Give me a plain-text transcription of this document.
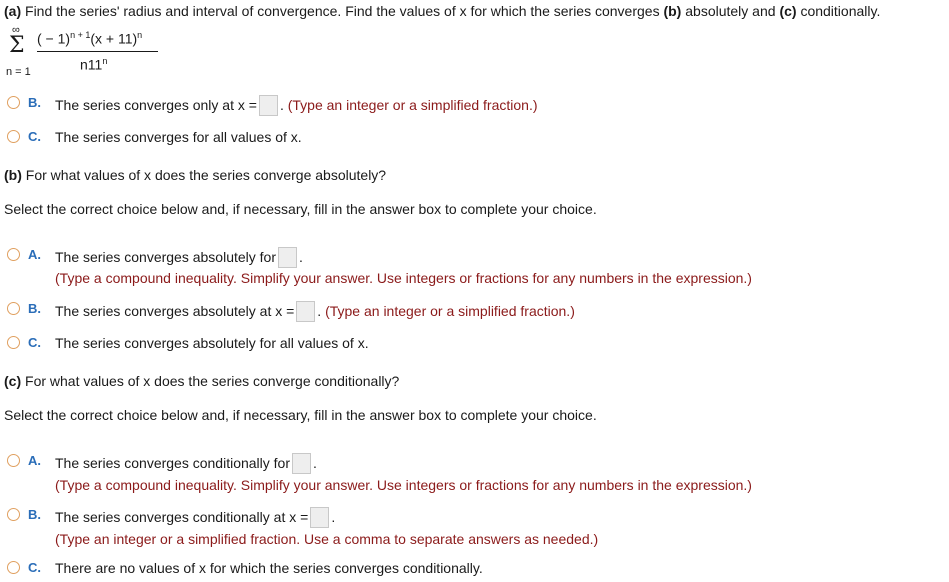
(a) Find the series' radius and interval of convergence. Find the values of x for which the series converges (b) absolutely and (c) conditionally.
∞
Σ
n = 1
( − $1)^{n + 1}(x + 11)^n$
n11$^n$
B. The series converges only at x = . (Type an integer or a simplified fraction.)
C. The series converges for all values of x.
(b) For what values of x does the series converge absolutely?
Select the correct choice below and, if necessary, fill in the answer box to complete your choice.
A. The series converges absolutely for .
(Type a compound inequality. Simplify your answer. Use integers or fractions for any numbers in the expression.)
B. The series converges absolutely at x = . (Type an integer or a simplified fraction.)
C. The series converges absolutely for all values of x.
(c) For what values of x does the series converge conditionally?
Select the correct choice below and, if necessary, fill in the answer box to complete your choice.
A. The series converges conditionally for .
(Type a compound inequality. Simplify your answer. Use integers or fractions for any numbers in the expression.)
B. The series converges conditionally at x = .
(Type an integer or a simplified fraction. Use a comma to separate answers as needed.)
C. There are no values of x for which the series converges conditionally.
